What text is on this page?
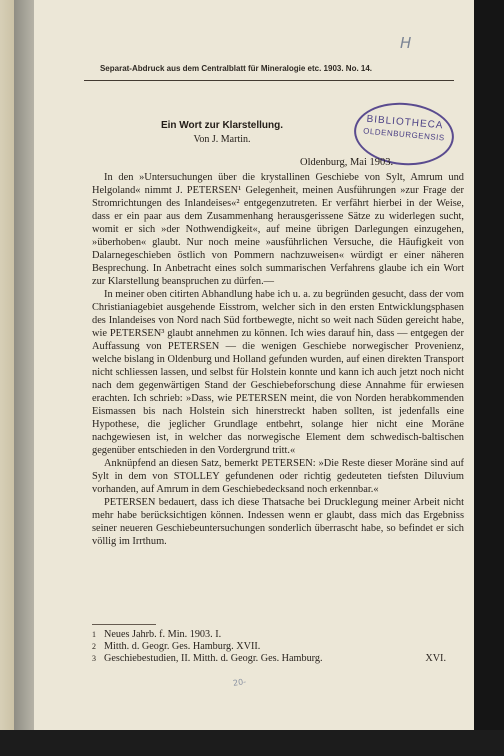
H
Separat-Abdruck aus dem Centralblatt für Mineralogie etc. 1903. No. 14.
BIBLIOTHECA
OLDENBURGENSIS
Ein Wort zur Klarstellung.
Von J. Martin.
Oldenburg, Mai 1903.

In den »Untersuchungen über die krystallinen Geschiebe von Sylt, Amrum und Helgoland« nimmt J. PETERSEN¹ Gelegenheit, meinen Ausführungen »zur Frage der Stromrichtungen des Inlandeises«² entgegenzutreten. Er verfährt hierbei in der Weise, dass er ein paar aus dem Zusammenhang herausgerissene Sätze zu widerlegen sucht, womit er sich »der Nothwendigkeit«, auf meine übrigen Darlegungen einzugehen, »überhoben« glaubt. Nur noch meine »ausführlichen Versuche, die Häufigkeit von Dalarnegeschieben östlich von Pommern nachzuweisen« würdigt er einer näheren Besprechung. In Anbetracht eines solch summarischen Verfahrens glaube ich ein Wort zur Klarstellung beanspruchen zu dürfen.—

In meiner oben citirten Abhandlung habe ich u. a. zu begründen gesucht, dass der vom Christianiagebiet ausgehende Eisstrom, welcher sich in den ersten Entwicklungsphasen des Inlandeises von Nord nach Süd fortbewegte, nicht so weit nach Süden gereicht habe, wie PETERSEN³ glaubt annehmen zu können. Ich wies darauf hin, dass — entgegen der Auffassung von PETERSEN — die wenigen Geschiebe norwegischer Provenienz, welche bislang in Oldenburg und Holland gefunden wurden, auf einen direkten Transport nicht schliessen lassen, und selbst für Holstein konnte und kann ich auch jetzt noch nicht nach dem gegenwärtigen Stand der Geschiebeforschung diese Annahme für erwiesen erachten. Ich schrieb: »Dass, wie PETERSEN meint, die von Norden herabkommenden Eismassen bis nach Holstein sich hinerstreckt haben sollten, ist jedenfalls eine Hypothese, die jeglicher Grundlage entbehrt, solange hier nicht eine Moräne nachgewiesen ist, in welcher das norwegische Element dem schwedisch-baltischen gegenüber entschieden in den Vordergrund tritt.«

Anknüpfend an diesen Satz, bemerkt PETERSEN: »Die Reste dieser Moräne sind auf Sylt in dem von STOLLEY gefundenen oder richtig gedeuteten tiefsten Diluvium vorhanden, auf Amrum in dem Geschiebedecksand noch erkennbar.«

PETERSEN bedauert, dass ich diese Thatsache bei Drucklegung meiner Arbeit nicht mehr habe berücksichtigen können. Indessen wenn er glaubt, dass mich das Ergebniss seiner neueren Geschiebeuntersuchungen sonderlich überrascht habe, so befindet er sich völlig im Irrthum.

1 Neues Jahrb. f. Min. 1903. I.
2 Mitth. d. Geogr. Ges. Hamburg. XVII.
3 Geschiebestudien, II. Mitth. d. Geogr. Ges. Hamburg.	XVI.
20-
